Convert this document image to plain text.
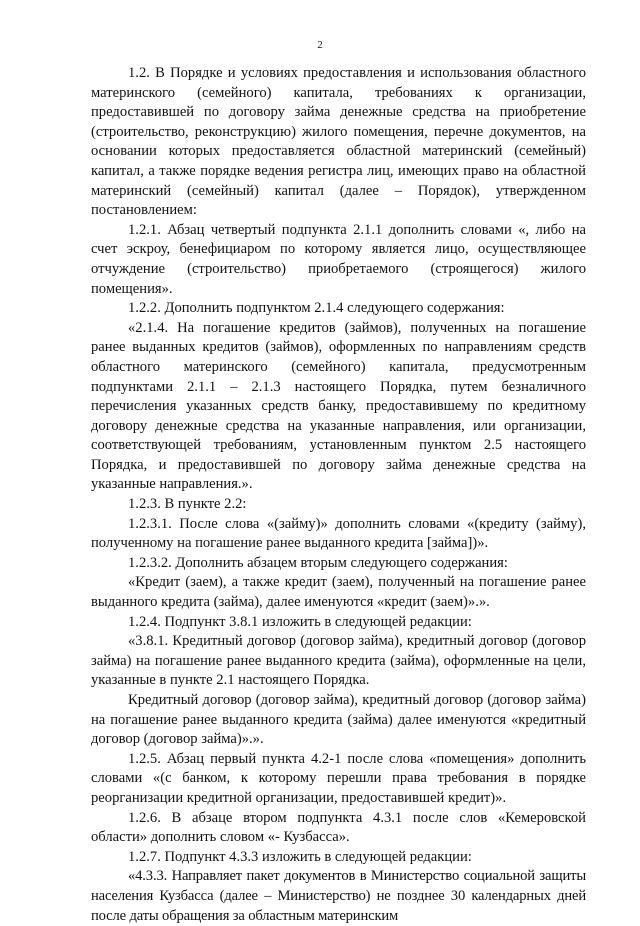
2

1.2. В Порядке и условиях предоставления и использования областного материнского (семейного) капитала, требованиях к организации, предоставившей по договору займа денежные средства на приобретение (строительство, реконструкцию) жилого помещения, перечне документов, на основании которых предоставляется областной материнский (семейный) капитал, а также порядке ведения регистра лиц, имеющих право на областной материнский (семейный) капитал (далее – Порядок), утвержденном постановлением:

1.2.1. Абзац четвертый подпункта 2.1.1 дополнить словами «, либо на счет эскроу, бенефициаром по которому является лицо, осуществляющее отчуждение (строительство) приобретаемого (строящегося) жилого помещения».

1.2.2. Дополнить подпунктом 2.1.4 следующего содержания:

«2.1.4. На погашение кредитов (займов), полученных на погашение ранее выданных кредитов (займов), оформленных по направлениям средств областного материнского (семейного) капитала, предусмотренным подпунктами 2.1.1 – 2.1.3 настоящего Порядка, путем безналичного перечисления указанных средств банку, предоставившему по кредитному договору денежные средства на указанные направления, или организации, соответствующей требованиям, установленным пунктом 2.5 настоящего Порядка, и предоставившей по договору займа денежные средства на указанные направления.».

1.2.3. В пункте 2.2:

1.2.3.1. После слова «(займу)» дополнить словами «(кредиту (займу), полученному на погашение ранее выданного кредита [займа])».

1.2.3.2. Дополнить абзацем вторым следующего содержания:

«Кредит (заем), а также кредит (заем), полученный на погашение ранее выданного кредита (займа), далее именуются «кредит (заем)».».

1.2.4. Подпункт 3.8.1 изложить в следующей редакции:

«3.8.1. Кредитный договор (договор займа), кредитный договор (договор займа) на погашение ранее выданного кредита (займа), оформленные на цели, указанные в пункте 2.1 настоящего Порядка.

Кредитный договор (договор займа), кредитный договор (договор займа) на погашение ранее выданного кредита (займа) далее именуются «кредитный договор (договор займа)».».

1.2.5. Абзац первый пункта 4.2-1 после слова «помещения» дополнить словами «(с банком, к которому перешли права требования в порядке реорганизации кредитной организации, предоставившей кредит)».

1.2.6. В абзаце втором подпункта 4.3.1 после слов «Кемеровской области» дополнить словом «- Кузбасса».

1.2.7. Подпункт 4.3.3 изложить в следующей редакции:

«4.3.3. Направляет пакет документов в Министерство социальной защиты населения Кузбасса (далее – Министерство) не позднее 30 календарных дней после даты обращения за областным материнским
